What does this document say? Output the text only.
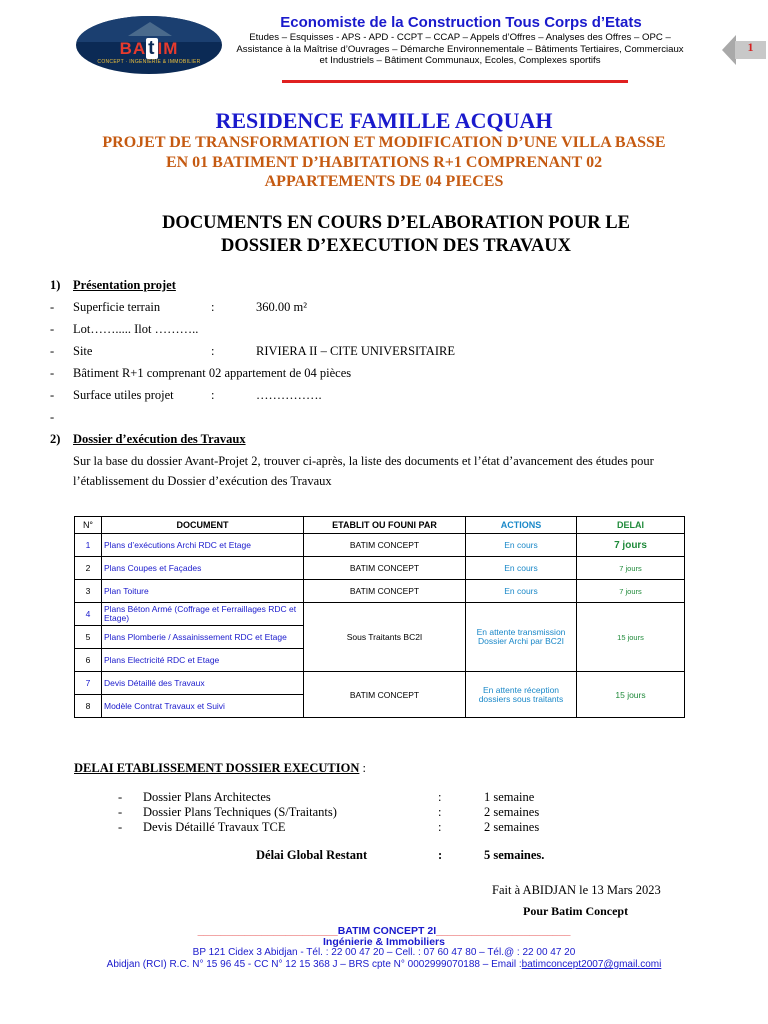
BA t IM
CONCEPT · INGENIERIE & IMMOBILIER
Economiste de la Construction Tous Corps d’Etats
Etudes – Esquisses - APS - APD - CCPT – CCAP – Appels d’Offres – Analyses des Offres – OPC – Assistance à la Maîtrise d’Ouvrages – Démarche Environnementale – Bâtiments Tertiaires, Commerciaux et Industriels – Bâtiment Communaux, Ecoles, Complexes sportifs
1
RESIDENCE FAMILLE ACQUAH
PROJET DE TRANSFORMATION ET MODIFICATION D’UNE VILLA BASSE
EN 01 BATIMENT D’HABITATIONS R+1 COMPRENANT 02
APPARTEMENTS DE 04 PIECES
DOCUMENTS EN COURS D’ELABORATION POUR LE
DOSSIER D’EXECUTION DES TRAVAUX
1) Présentation projet
- Superficie terrain	:	360.00 m²
- Lot……..... Ilot ………..
- Site	:	RIVIERA II – CITE UNIVERSITAIRE
- Bâtiment R+1 comprenant 02 appartement de 04 pièces
- Surface utiles projet	:	…………….
-
2) Dossier d’exécution des Travaux
Sur la base du dossier Avant-Projet 2, trouver ci-après, la liste des documents et l’état d’avancement des études pour
l’établissement du Dossier d’exécution des Travaux
N°	DOCUMENT	ETABLIT OU FOUNI PAR	ACTIONS	DELAI
1	Plans d’exécutions Archi RDC et Etage	BATIM CONCEPT	En cours	7 jours
2	Plans Coupes et Façades	BATIM CONCEPT	En cours	7 jours
3	Plan Toiture	BATIM CONCEPT	En cours	7 jours
4	Plans Béton Armé (Coffrage et Ferraillages RDC et Etage)	Sous Traitants BC2I	En attente transmission Dossier Archi par BC2I	15 jours
5	Plans Plomberie / Assainissement RDC et Etage			
6	Plans Electricité RDC et Etage			
7	Devis Détaillé des Travaux	BATIM CONCEPT	En attente réception dossiers sous traitants	15 jours
8	Modèle Contrat Travaux et Suivi			
DELAI ETABLISSEMENT DOSSIER EXECUTION :
- Dossier Plans Architectes	:	1 semaine
- Dossier Plans Techniques (S/Traitants)	:	2 semaines
- Devis Détaillé Travaux TCE	:	2 semaines
Délai Global Restant	:	5 semaines.
Fait à ABIDJAN le 13 Mars 2023
Pour Batim Concept
________________________BATIM CONCEPT 2I_______________________
Ingénierie & Immobiliers
BP 121 Cidex 3 Abidjan - Tél. : 22 00 47 20 – Cell. : 07 60 47 80 – Tél.@ : 22 00 47 20
Abidjan (RCI) R.C. N° 15 96 45 - CC N° 12 15 368 J – BRS cpte N° 0002999070188 – Email :batimconcept2007@gmail.comi
